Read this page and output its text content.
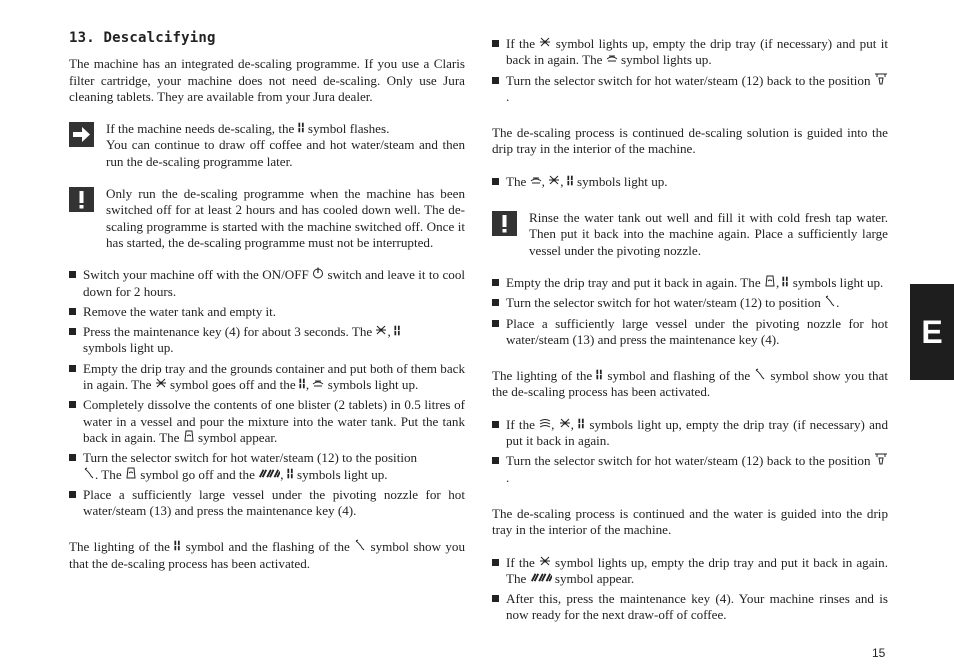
13. Descalcifying

The machine has an integrated de-scaling programme. If you use a Claris filter cartridge, your machine does not need de-scaling. Only use Jura cleaning tablets. They are available from your Jura dealer.

If the machine needs de-scaling, the  symbol flashes.
You can continue to draw off coffee and hot water/steam and then run the de-scaling programme later.
Only run the de-scaling programme when the machine has been switched off for at least 2 hours and has cooled down well. The de-scaling programme is started with the machine switched off. Once it has started, the de-scaling programme must not be interrupted.
Switch your machine off with the ON/OFF  switch and leave it to cool down for 2 hours.
Remove the water tank and empty it.
Press the maintenance key (4) for about 3 seconds. The ,
symbols light up.
Empty the drip tray and the grounds container and put both of them back in again. The  symbol goes off and the ,  symbols light up.
Completely dissolve the contents of one blister (2 tablets) in 0.5 litres of water in a vessel and pour the mixture into the water tank. Put the tank back in again. The  symbol appear.
Turn the selector switch for hot water/steam (12) to the position
. The  symbol go off and the ,  symbols light up.
Place a sufficiently large vessel under the pivoting nozzle for hot water/steam (13) and press the maintenance key (4).

The lighting of the  symbol and the flashing of the  symbol show you that the de-scaling process has been activated.

If the  symbol lights up, empty the drip tray (if necessary) and put it back in again. The  symbol lights up.
Turn the selector switch for hot water/steam (12) back to the position .

The de-scaling process is continued de-scaling solution is guided into the drip tray in the interior of the machine.

The , ,  symbols light up.
Rinse the water tank out well and fill it with cold fresh tap water. Then put it back into the machine again. Place a sufficiently large vessel under the pivoting nozzle.
Empty the drip tray and put it back in again. The ,  symbols light up.
Turn the selector switch for hot water/steam (12) to position .
Place a sufficiently large vessel under the pivoting nozzle for hot water/steam (13) and press the maintenance key (4).

The lighting of the  symbol and flashing of the  symbol show you that the de-scaling process has been activated.

If the , ,  symbols light up, empty the drip tray (if necessary) and put it back in again.
Turn the selector switch for hot water/steam (12) back to the position .

The de-scaling process is continued and the water is guided into the drip tray in the interior of the machine.

If the  symbol lights up, empty the drip tray and put it back in again. The  symbol appear.
After this, press the maintenance key (4). Your machine rinses and is now ready for the next draw-off of coffee.
E
15
